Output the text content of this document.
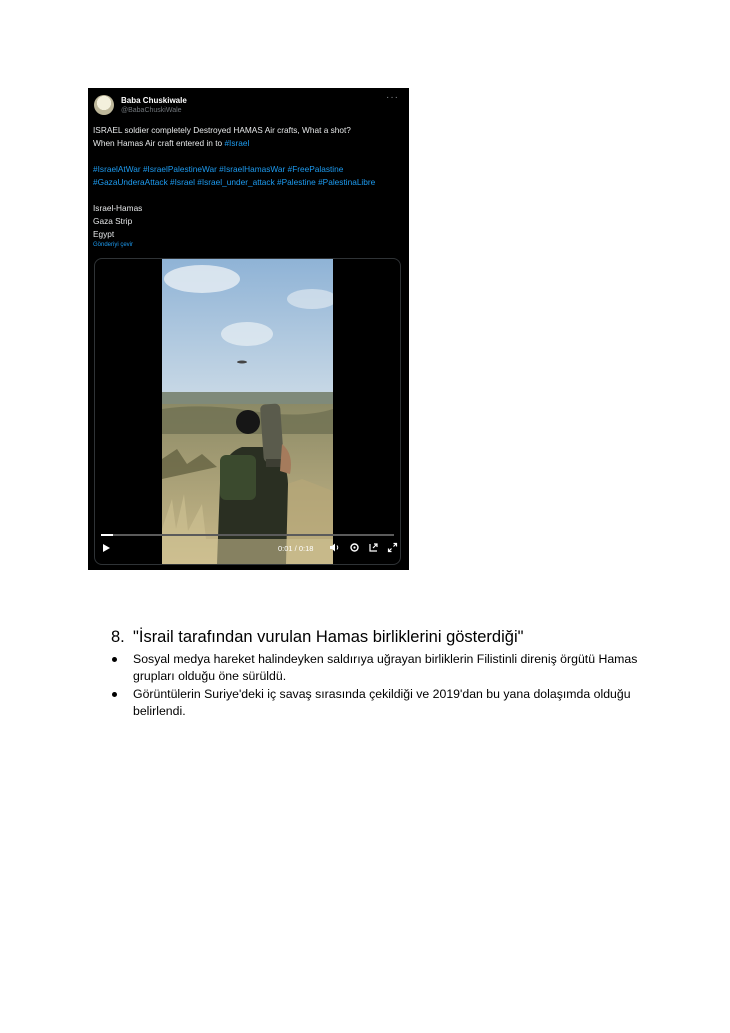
Baba Chuskiwale
@BabaChuskiWale
···

ISRAEL soldier completely Destroyed HAMAS Air crafts, What a shot?

When Hamas Air craft entered in to #Israel

#IsraelAtWar #IsraelPalestineWar #IsraelHamasWar #FreePalastine #GazaUnderaAttack #Israel #Israel_under_attack #Palestine #PalestinaLibre
Israel-Hamas
Gaza Strip
Egypt
Gönderiyi çevir
0:01 / 0:18
8. "İsrail tarafından vurulan Hamas birliklerini gösterdiği"
Sosyal medya hareket halindeyken saldırıya uğrayan birliklerin Filistinli direniş örgütü Hamas grupları olduğu öne sürüldü.
Görüntülerin Suriye'deki iç savaş sırasında çekildiği ve 2019'dan bu yana dolaşımda olduğu belirlendi.
